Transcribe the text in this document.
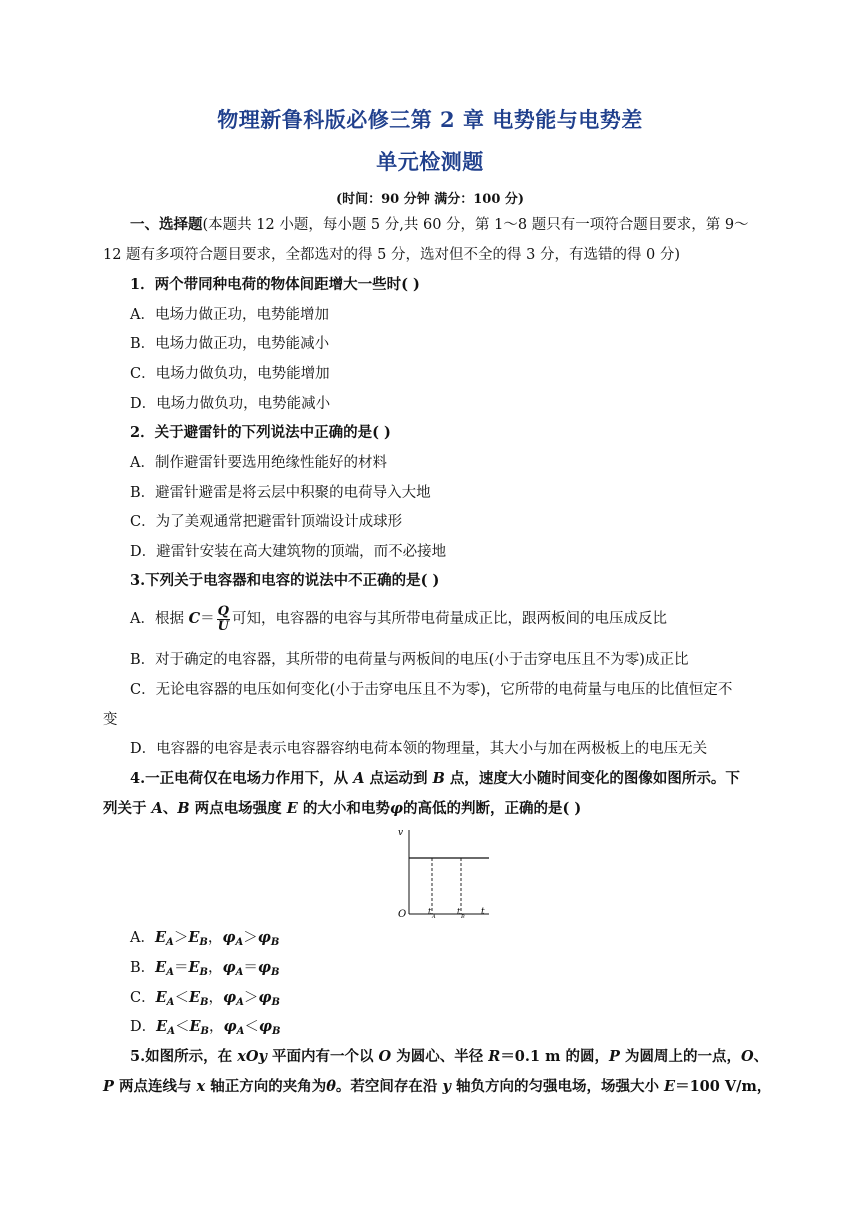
物理新鲁科版必修三第 2 章 电势能与电势差
单元检测题
(时间：90 分钟 满分：100 分)
一、选择题(本题共 12 小题，每小题 5 分,共 60 分，第 1～8 题只有一项符合题目要求，第 9～
12 题有多项符合题目要求，全都选对的得 5 分，选对但不全的得 3 分，有选错的得 0 分)
1．两个带同种电荷的物体间距增大一些时( )
A．电场力做正功，电势能增加
B．电场力做正功，电势能减小
C．电场力做负功，电势能增加
D．电场力做负功，电势能减小
2．关于避雷针的下列说法中正确的是( )
A．制作避雷针要选用绝缘性能好的材料
B．避雷针避雷是将云层中积聚的电荷导入大地
C．为了美观通常把避雷针顶端设计成球形
D．避雷针安装在高大建筑物的顶端，而不必接地
3.下列关于电容器和电容的说法中不正确的是( )
A．根据 $C= \frac{Q}{U}$ 可知，电容器的电容与其所带电荷量成正比，跟两板间的电压成反比
B．对于确定的电容器，其所带的电荷量与两板间的电压(小于击穿电压且不为零)成正比
C．无论电容器的电压如何变化(小于击穿电压且不为零)，它所带的电荷量与电压的比值恒定不
变
D．电容器的电容是表示电容器容纳电荷本领的物理量，其大小与加在两极板上的电压无关
4.一正电荷仅在电场力作用下，从 A 点运动到 B 点，速度大小随时间变化的图像如图所示。下
列关于 A、B 两点电场强度 E 的大小和电势φ的高低的判断，正确的是( )
v
O	t
A
t
B t
A．$E_A>E_B$，$\varphi_A>\varphi_B$
B．$E_A=E_B$，$\varphi_A=\varphi_B$
C．$E_A<E_B$，$\varphi_A>\varphi_B$
D．$E_A<E_B$，$\varphi_A<\varphi_B$
5.如图所示，在 xOy 平面内有一个以 O 为圆心、半径 R＝0.1 m 的圆，P 为圆周上的一点，O、
P 两点连线与 x 轴正方向的夹角为θ。若空间存在沿 y 轴负方向的匀强电场，场强大小 E＝100 V/m，
